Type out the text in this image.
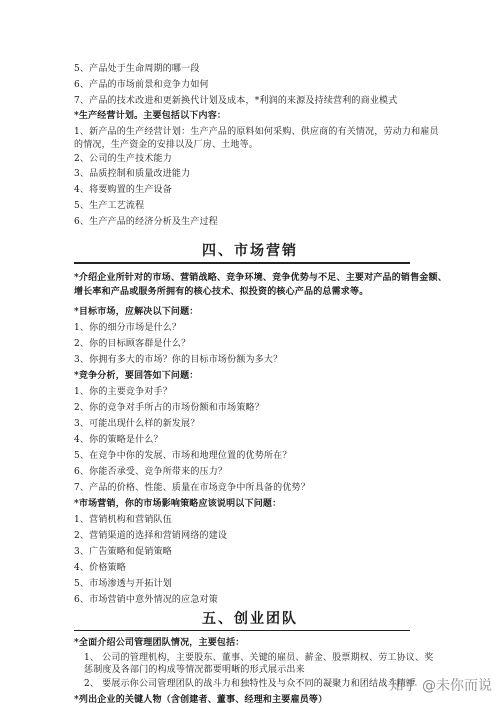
5、产品处于生命周期的哪一段
6、产品的市场前景和竞争力如何
7、产品的技术改进和更新换代计划及成本，*利润的来源及持续营利的商业模式
*生产经营计划。主要包括以下内容：
1、新产品的生产经营计划：生产产品的原料如何采购、供应商的有关情况，劳动力和雇员
的情况，生产资金的安排以及厂房、土地等。
2、公司的生产技术能力
3、品质控制和质量改进能力
4、将要购置的生产设备
5、生产工艺流程
6、生产产品的经济分析及生产过程
四、市场营销
*介绍企业所针对的市场、营销战略、竞争环境、竞争优势与不足、主要对产品的销售金额、
增长率和产品或服务所拥有的核心技术、拟投资的核心产品的总需求等。
*目标市场，应解决以下问题：
1、你的细分市场是什么？
2、你的目标顾客群是什么？
3、你拥有多大的市场？你的目标市场份额为多大？
*竞争分析，要回答如下问题：
1、你的主要竞争对手？
2、你的竞争对手所占的市场份额和市场策略？
3、可能出现什么样的新发展？
4、你的策略是什么？
5、在竞争中你的发展、市场和地理位置的优势所在？
6、你能否承受、竞争所带来的压力？
7、产品的价格、性能、质量在市场竞争中所具备的优势？
*市场营销，你的市场影响策略应该说明以下问题：
1、营销机构和营销队伍
2、营销渠道的选择和营销网络的建设
3、广告策略和促销策略
4、价格策略
5、市场渗透与开拓计划
6、市场营销中意外情况的应急对策
五、创业团队
*全面介绍公司管理团队情况，主要包括：
1、 公司的管理机构，主要股东、董事、关键的雇员、薪金、股票期权、劳工协议、奖
惩制度及各部门的构成等情况都要明晰的形式展示出来
2、 要展示你公司管理团队的战斗力和独特性及与众不同的凝聚力和团结战斗精神
*列出企业的关键人物（含创建者、董事、经理和主要雇员等）
知乎 @未你而说
